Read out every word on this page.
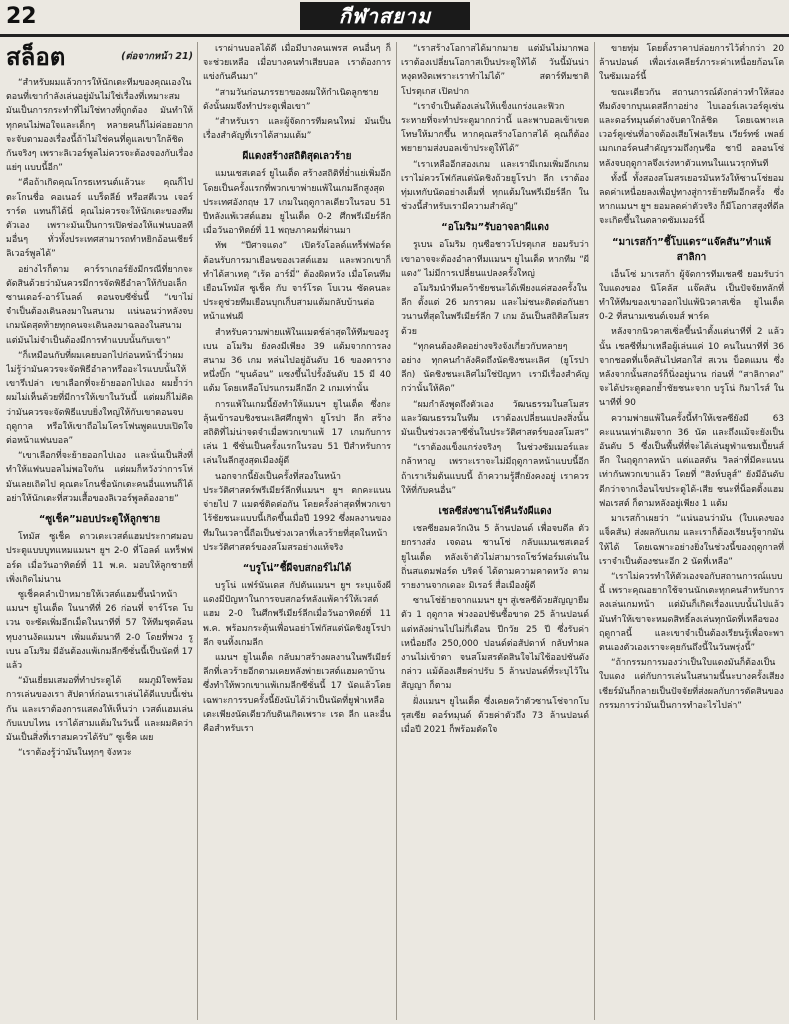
22	กีฬาสยาม
สล็อต	(ต่อจากหน้า 21)

“สำหรับผมแล้วการให้นักเตะทีมของคุณเองในตอนที่เขากำลังเล่นอยู่มันไม่ใช่เรื่องที่เหมาะสม มันเป็นการกระทำที่ไม่ใช่ทางที่ถูกต้อง มันทำให้ทุกคนไม่พอใจและเด็กๆ หลายคนก็ไม่ค่อยอยากจะจับตามองเรื่องนี้ถ้าไม่ใช่คนที่ดูแลเขาใกล้ชิดกันจริงๆ เพราะลิเวอร์พูลไม่ควรจะต้องจองกับเรื่องแย่ๆ แบบนี้อีก”

“คือถ้าเกิดคุณโกรธเทรนต์แล้วนะ คุณก็ไปตะโกนชื่อ คอเนอร์ แบร็ดลีย์ หรือสตีเวน เจอร์ราร์ด แทนก็ได้นี่ คุณไม่ควรจะให้นักเตะของทีมตัวเอง เพราะมันเป็นการเปิดช่องให้แฟนบอลทีมอื่นๆ ทั่วทั้งประเทศสามารถทำหยิกอ้อนเชียร์ลิเวอร์พูลได้”

อย่างไรก็ตาม คาร์ราเกอร์ยังมีกรณีที่ยากจะตัดสินด้วยว่ามันควรมีการจัดพิธีอำลาให้กับอเล็กซานเดอร์-อาร์โนลด์ ตอนจบซีซั่นนี้ “เขาไม่จำเป็นต้องเดินลงมาในสนาม แน่นอนว่าหลังจบเกมนัดสุดท้ายทุกคนจะเดินลงมาฉลองในสนาม แต่มันไม่จำเป็นต้องมีการทำแบบนั้นกับเขา”

“ก็เหมือนกับที่ผมเคยบอกไปก่อนหน้านี้ว่าผมไม่รู้ว่ามันควรจะจัดพิธีอำลาหรืออะไรแบบนั้นให้เขารึเปล่า เขาเลือกที่จะย้ายออกไปเอง ผมย้ำว่าผมไม่เห็นด้วยที่มีการให้เขาในวันนี้ แต่ผมก็ไม่คิดว่ามันควรจะจัดพิธีแบบยิ่งใหญ่ให้กับเขาตอนจบฤดูกาล หรือให้เขาถือไมโครโฟนพูดแบบเปิดใจต่อหน้าแฟนบอล”

“เขาเลือกที่จะย้ายออกไปเอง และนั่นเป็นสิ่งที่ทำให้แฟนบอลไม่พอใจกัน แต่ผมก็หวังว่าการโห่มันเลยเถิดไป คุณตะโกนชื่อนักเตะคนอื่นแทนก็ได้ อย่าให้นักเตะที่สวมเสื้อของลิเวอร์พูลต้องอาย”

“ซูเช็ค”มอบประตูให้ลูกชาย

โทมัส ซูเช็ค ดาวเตะเวสต์แฮมประกาศมอบประตูแบบบูทแหมแมนฯ ยูฯ 2-0 ที่โอลด์ แทร็ฟฟอร์ด เมื่อวันอาทิตย์ที่ 11 พ.ค. มอบให้ลูกชายที่เพิ่งเกิดไม่นาน

ซูเช็คคลำเป้าหมายให้เวสต์แฮมขึ้นนำหน้าแมนฯ ยูไนเต็ด ในนาทีที่ 26 ก่อนที่ จาร์โรด โบเวน จะซัดเพิ่มอีกเม็ดในนาทีที่ 57 ให้ทีมชุดค้อนทุบงานงัดแมนฯ เพิ่มแต้มนาที 2-0 โดยที่พวง รูเบน อโมริม มีอันต้องแพ้เกมลีกซีซั่นนี้เป็นนัดที่ 17 แล้ว

“มันเยี่ยมเสมอที่ทำประตูได้ ผมภูมิใจพร้อมการเล่นของเรา สัปดาห์ก่อนเราเล่นได้ดีแบบนี้เช่นกัน และเราต้องการแสดงให้เห็นว่า เวสต์แฮมเล่นกับแบบไหน เราได้สามแต้มในวันนี้ และผมคิดว่ามันเป็นสิ่งที่เราสมควรได้รับ” ซูเช็ค เผย

“เราต้องรู้ว่ามันในทุกๆ จังหวะ

เราผ่านบอลได้ดี เมื่อมีบางคนเพรส คนอื่นๆ ก็จะช่วยเหลือ เมื่อบางคนทำเสียบอล เราต้องการแข่งกันคืนมา”

“สามวันก่อนภรรยาของผมให้กำเนิดลูกชาย ดังนั้นผมจึงทำประตูเพื่อเขา”

“สำหรับเรา และผู้จัดการทีมคนใหม่ มันเป็นเรื่องสำคัญที่เราได้สามแต้ม”

ผีแดงสร้างสถิติสุดเลวร้าย

แมนเชสเตอร์ ยูไนเต็ด สร้างสถิติที่ย่ำแย่เพิ่มอีกโดยเป็นครั้งแรกที่พวกเขาพ่ายแพ้ในเกมลีกสูงสุดประเทศอังกฤษ 17 เกมในฤดูกาลเดียวในรอบ 51 ปีหลังแพ้เวสต์แฮม ยูไนเต็ด 0-2 ศึกพรีเมียร์ลีก เมื่อวันอาทิตย์ที่ 11 พฤษภาคมที่ผ่านมา

ทัพ “ปีศาจแดง” เปิดรังโอลด์แทร็ฟฟอร์ด ต้อนรับการมาเยือนของเวสต์แฮม และพวกเขาก็ทำได้สาเหตุ “เร้ด อาร์มี่” ต้องผิดหวัง เมื่อโดนทีมเยือนโทมัส ซูเช็ค กับ จาร์โรด โบเวน ซัดคนละประตูช่วยทีมเยือนบุกเก็บสามแต้มกลับบ้านต่อหน้าแฟนผี

สำหรับความพ่ายแพ้ในแมตช์ล่าสุดให้ทีมของรูเบน อโมริม ยังคงมีเพียง 39 แต้มจากการลงสนาม 36 เกม หล่นไปอยู่อันดับ 16 ของตารางหนึ่งบิ๊ก “ขุนค้อน” แซงขึ้นไปรั้งอันดับ 15 มี 40 แต้ม โดยเหลือโปรแกรมลีกอีก 2 เกมเท่านั้น

การแพ้ในเกมนี้ยังทำให้แมนฯ ยูไนเต็ด ซึ่งกะลุ้นเข้ารอบชิงชนะเลิศศึกยูฟ่า ยูโรปา ลีก สร้างสถิติที่ไม่น่าจดจำเมื่อพวกเขาแพ้ 17 เกมกับการเล่น 1 ซีซั่นเป็นครั้งแรกในรอบ 51 ปีสำหรับการเล่นในลีกสูงสุดเมืองผู้ดี

นอกจากนี้ยังเป็นครั้งที่สองในหน้าประวัติศาสตร์พรีเมียร์ลีกที่แมนฯ ยูฯ ตกคะแนนจ่ายไป 7 แมตช์ติดต่อกัน โดยครั้งล่าสุดที่พวกเขาไร้ชัยชนะแบบนี้เกิดขึ้นเมื่อปี 1992 ซึ่งผลงานของทีมในเวลานี้ถือเป็นช่วงเวลาที่เลวร้ายที่สุดในหน้าประวัติศาสตร์ของสโมสรอย่างแท้จริง

“บรูโน่”ชี้ผีจบสกอร์ไม่ได้

บรูโน่ แฟร์นันเดส กัปตันแมนฯ ยูฯ ระบุแจ้งผีแดงมีปัญหาในการจบสกอร์หลังแพ้คาร์ให้เวสต์แฮม 2-0 ในศึกพรีเมียร์ลีกเมื่อวันอาทิตย์ที่ 11 พ.ค. พร้อมกระตุ้นเพื่อนอย่าโฟกัสแต่นัดชิงยูโรปา ลีก จนทิ้งเกมลีก

แมนฯ ยูไนเต็ด กลับมาสร้างผลงานในพรีเมียร์ลีกที่เลวร้ายอีกตามเคยหลังพ่ายเวสต์แฮมคาบ้านซึ่งทำให้พวกเขาแพ้เกมลีกซีซั่นนี้ 17 นัดแล้วโดยเฉพาะการรบครั้งนี้ยังนับได้ว่าเป็นนัดที่ยูฟ่าเหลือเตะเพียงนัดเดียวกับดินเกิดเพราะ เรด ลีก และอื่นคือสำหรับเรา

“เราสร้างโอกาสได้มากมาย แต่มันไม่มากพอ เราต้องเปลี่ยนโอกาสเป็นประตูให้ได้ วันนี้มันน่าหงุดหงิดเพราะเราทำไม่ได้” สตาร์ทีมชาติโปรตุเกส เปิดปาก

“เราจำเป็นต้องเล่นให้แข็งแกร่งและฟิวกระหายที่จะทำประตูมากกว่านี้ และพาบอลเข้าเขตโทษให้มากขึ้น หากคุณสร้างโอกาสได้ คุณก็ต้องพยายามส่งบอลเข้าประตูให้ได้”

“เราเหลืออีกสองเกม และเรามีเกมเพิ่มอีกเกม เราไม่ควรโฟกัสแต่นัดชิงถ้วยยูโรปา ลีก เราต้องทุ่มเทกับนัดอย่างเต็มที่ ทุกแต้มในพรีเมียร์ลีก ในช่วงนี้สำหรับเรามีความสำคัญ”

“อโมริม”รับอาจลาผีแดง

รูเบน อโมริม กุนซือชาวโปรตุเกส ยอมรับว่า เขาอาจจะต้องอำลาทีมแมนฯ ยูไนเต็ด หากทีม “ผีแดง” ไม่มีการเปลี่ยนแปลงครั้งใหญ่

อโมริมนำทีมคว้าชัยชนะได้เพียงแค่สองครั้งในลีก ตั้งแต่ 26 มกราคม และไม่ชนะติดต่อกันยาวนานที่สุดในพรีเมียร์ลีก 7 เกม อันเป็นสถิติสโมสรด้วย

“ทุกคนต้องคิดอย่างจริงจังเกี่ยวกับหลายๆ อย่าง ทุกคนกำลังคิดถึงนัดชิงชนะเลิศ (ยูโรปา ลีก) นัดชิงชนะเลิศไม่ใช่ปัญหา เรามีเรื่องสำคัญกว่านั้นให้คิด”

“ผมกำลังพูดถึงตัวเอง วัฒนธรรมในสโมสร และวัฒนธรรมในทีม เราต้องเปลี่ยนแปลงสิ่งนั้น มันเป็นช่วงเวลาซีซั่นในประวัติศาสตร์ของสโมสร”

“เราต้องแข็งแกร่งจริงๆ ในช่วงซัมเมอร์และกล้าหาญ เพราะเราจะไม่มีฤดูกาลหน้าแบบนี้อีก ถ้าเราเริ่มต้นแบบนี้ ถ้าความรู้สึกยังคงอยู่ เราควรให้ที่กับคนอื่น”

เชลซีส่งซานโช่คืนรังผีแดง

เชลซียอมควักเงิน 5 ล้านปอนด์ เพื่อจบดีล ตัวยกรางส่ง เจดอน ซานโช่ กลับแมนเชสเตอร์ ยูไนเต็ด หลังเจ้าตัวไม่สามารถโชว์ฟอร์มเด่นในถิ่นสแตมฟอร์ด บริดจ์ ได้ตามความคาดหวัง ตามรายงานจากเดอะ มิเรอร์ สื่อเมืองผู้ดี

ซานโช่ย้ายจากแมนฯ ยูฯ สู่เชลซีด้วยสัญญายืมตัว 1 ฤดูกาล พ่วงออปชันซื้อขาด 25 ล้านปอนด์ แต่หลังผ่านไปไม่กี่เดือน ปีกวัย 25 ปี ซึ่งรับค่าเหนื่อยถึง 250,000 ปอนด์ต่อสัปดาห์ กลับทำผลงานไม่เข้าตา จนสโมสรตัดสินใจไม่ใช้ออปชันดังกล่าว แม้ต้องเสียค่าปรับ 5 ล้านปอนด์ที่ระบุไว้ในสัญญา ก็ตาม

ฝั่งแมนฯ ยูไนเต็ด ซึ่งเคยคว้าตัวซานโช่จากโบรุสเซีย ดอร์ทมุนด์ ด้วยค่าตัวถึง 73 ล้านปอนด์ เมื่อปี 2021 ก็พร้อมตัดใจ

ขายทุ่ม โดยตั้งราคาปล่อยการไว้ต่ำกว่า 20 ล้านปอนด์ เพื่อเร่งเคลียร์ภาระค่าเหนื่อยก้อนโตในซัมเมอร์นี้

ขณะเดียวกัน สถานการณ์ดังกล่าวทำให้สองทีมดังจากบุนเดสลีกาอย่าง ไบเออร์เลเวอร์คูเซ่น และดอร์ทมุนด์ต่างจับตาใกล้ชิด โดยเฉพาะเลเวอร์คูเซ่นที่อาจต้องเสียโฟลเรียน เวียร์ทซ์ เพลย์เมกเกอร์คนสำคัญรวมถึงกุนซือ ชาบี อลอนโซ่ หลังจบฤดูกาลจึงเร่งหาตัวแทนในแนวรุกทันที

ทั้งนี้ ทั้งสองสโมสรเยอรมันหวังให้ซานโช่ยอมลดค่าเหนื่อยลงเพื่อปูทางสู่การย้ายทีมอีกครั้ง ซึ่งหากแมนฯ ยูฯ ยอมลดค่าตัวจริง ก็มีโอกาสสูงที่ดีลจะเกิดขึ้นในตลาดซัมเมอร์นี้

“มาเรสก้า”ชี้โบแดร“แจ๊คสัน”ทำแพ้สาลิกา

เอ็นโซ่ มาเรสก้า ผู้จัดการทีมเชลซี ยอมรับว่าใบแดงของ นิโคลัส แจ๊คสัน เป็นปัจจัยหลักที่ทำให้ทีมของเขาออกไปแพ้นิวคาสเซิ่ล ยูไนเต็ด 0-2 ที่สนามเซนต์เจมส์ พาร์ค

หลังจากนิวคาสเซิ่ลขึ้นนำตั้งแต่นาทีที่ 2 แล้วนั้น เชลซีที่มาเหลือผู้เล่นแค่ 10 คนในนาทีที่ 36 จากชอตที่แจ็คสันไปศอกใส่ สเวน บ็อตแมน ซึ่งหลังจากนั้นสกอร์ก็นิ่งอยู่นาน ก่อนที่ “สาลิกาดง” จะได้ประตูตอกย้ำชัยชนะจาก บรูโน่ กิมาไรส์ ในนาทีที่ 90

ความพ่ายแพ้ในครั้งนี้ทำให้เชลซียังมี 63 คะแนนเท่าเดิมจาก 36 นัด และถึงแม้จะยังเป็นอันดับ 5 ซึ่งเป็นพื้นที่ที่จะได้เล่นยูฟ่าแชมเปี้ยนส์ ลีก ในฤดูกาลหน้า แต่แอสตัน วิลล่าที่มีคะแนนเท่ากันพวกเขาแล้ว โดยที่ “สิงห์บลูส์” ยังมีอันดับดีกว่าจากเงื่อนไขประตูได้-เสีย ชนะที่น็อตติ้งแฮม ฟอเรสต์ ก็ตามหลังอยู่เพียง 1 แต้ม

มาเรสก้าเผยว่า “แน่นอนว่ามัน (ใบแดงของแจ็คสัน) ส่งผลกับเกม และเราก็ต้องเรียนรู้จากมันให้ได้ โดยเฉพาะอย่างยิ่งในช่วงนี้ของฤดูกาลที่เราจำเป็นต้องชนะอีก 2 นัดที่เหลือ”

“เราไม่ควรทำให้ตัวเองจอกับสถานการณ์แบบนี้ เพราะคุณอยากใช้จานนักเตะทุกคนสำหรับการลงเล่นเกมหน้า แต่มันก็เกิดเรื่องแบบนั้นไปแล้ว มันทำให้เขาจะหมดสิทธิ์ลงเล่นทุกนัดที่เหลือของฤดูกาลนี้ และเขาจำเป็นต้องเรียนรู้เพื่อจะพาตนเองตัวเองเราจะคุยกันถึงนี้ในวันพรุ่งนี้”

“ถ้ากรรมการมองว่าเป็นใบแดงมันก็ต้องเป็นใบแดง แต่กับการเล่นในสนามนี้นะบางครั้งเสียงเชียร์มันก็กลายเป็นปัจจัยที่ส่งผลกับการตัดสินของกรรมการว่ามันเป็นการทำอะไรไปล่า”
